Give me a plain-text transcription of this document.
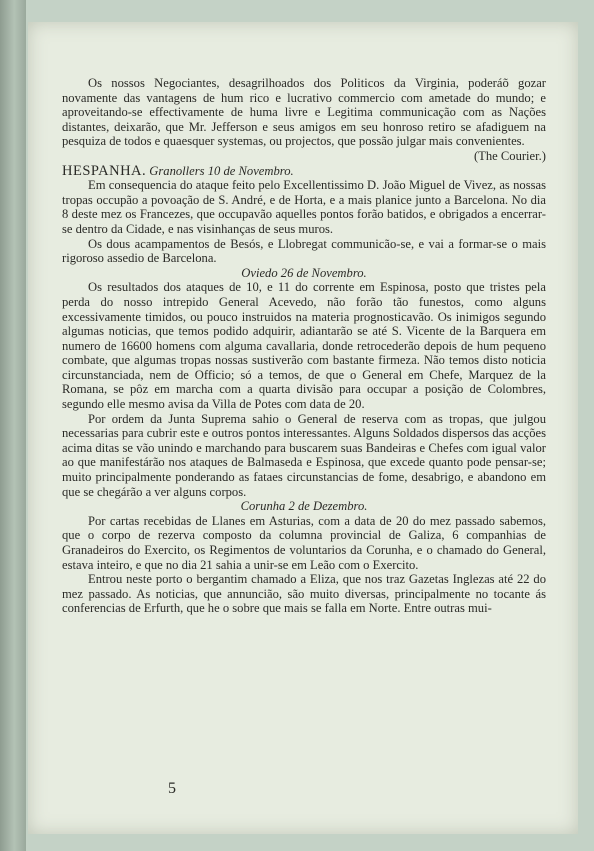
Os nossos Negociantes, desagrilhoados dos Politicos da Virginia, poderáõ gozar novamente das vantagens de hum rico e lucrativo commercio com ametade do mundo; e aproveitando-se effectivamente de huma livre e Legitima communicação com as Nações distantes, deixarão, que Mr. Jefferson e seus amigos em seu honroso retiro se afadiguem na pesquiza de todos e quaesquer systemas, ou projectos, que possão julgar mais convenientes.

(The Courier.)

HESPANHA. Granollers 10 de Novembro.

Em consequencia do ataque feito pelo Excellentissimo D. João Miguel de Vivez, as nossas tropas occupão a povoação de S. André, e de Horta, e a mais planice junto a Barcelona. No dia 8 deste mez os Francezes, que occupavão aquelles pontos forão batidos, e obrigados a encerrar-se dentro da Cidade, e nas visinhanças de seus muros.

Os dous acampamentos de Besós, e Llobregat communicão-se, e vai a formar-se o mais rigoroso assedio de Barcelona.

Oviedo 26 de Novembro.

Os resultados dos ataques de 10, e 11 do corrente em Espinosa, posto que tristes pela perda do nosso intrepido General Acevedo, não forão tão funestos, como alguns excessivamente timidos, ou pouco instruidos na materia prognosticavão. Os inimigos segundo algumas noticias, que temos podido adquirir, adiantarão se até S. Vicente de la Barquera em numero de 16600 homens com alguma cavallaria, donde retrocederão depois de hum pequeno combate, que algumas tropas nossas sustiverão com bastante firmeza. Não temos disto noticia circunstanciada, nem de Officio; só a temos, de que o General em Chefe, Marquez de la Romana, se pôz em marcha com a quarta divisão para occupar a posição de Colombres, segundo elle mesmo avisa da Villa de Potes com data de 20.

Por ordem da Junta Suprema sahio o General de reserva com as tropas, que julgou necessarias para cubrir este e outros pontos interessantes. Alguns Soldados dispersos das acções acima ditas se vão unindo e marchando para buscarem suas Bandeiras e Chefes com igual valor ao que manifestárão nos ataques de Balmaseda e Espinosa, que excede quanto pode pensar-se; muito principalmente ponderando as fataes circunstancias de fome, desabrigo, e abandono em que se chegárão a ver alguns corpos.

Corunha 2 de Dezembro.

Por cartas recebidas de Llanes em Asturias, com a data de 20 do mez passado sabemos, que o corpo de rezerva composto da columna provincial de Galiza, 6 companhias de Granadeiros do Exercito, os Regimentos de voluntarios da Corunha, e o chamado do General, estava inteiro, e que no dia 21 sahia a unir-se em Leão com o Exercito.

Entrou neste porto o bergantim chamado a Eliza, que nos traz Gazetas Inglezas até 22 do mez passado. As noticias, que annuncião, são muito diversas, principalmente no tocante ás conferencias de Erfurth, que he o sobre que mais se falla em Norte. Entre outras mui-

5
